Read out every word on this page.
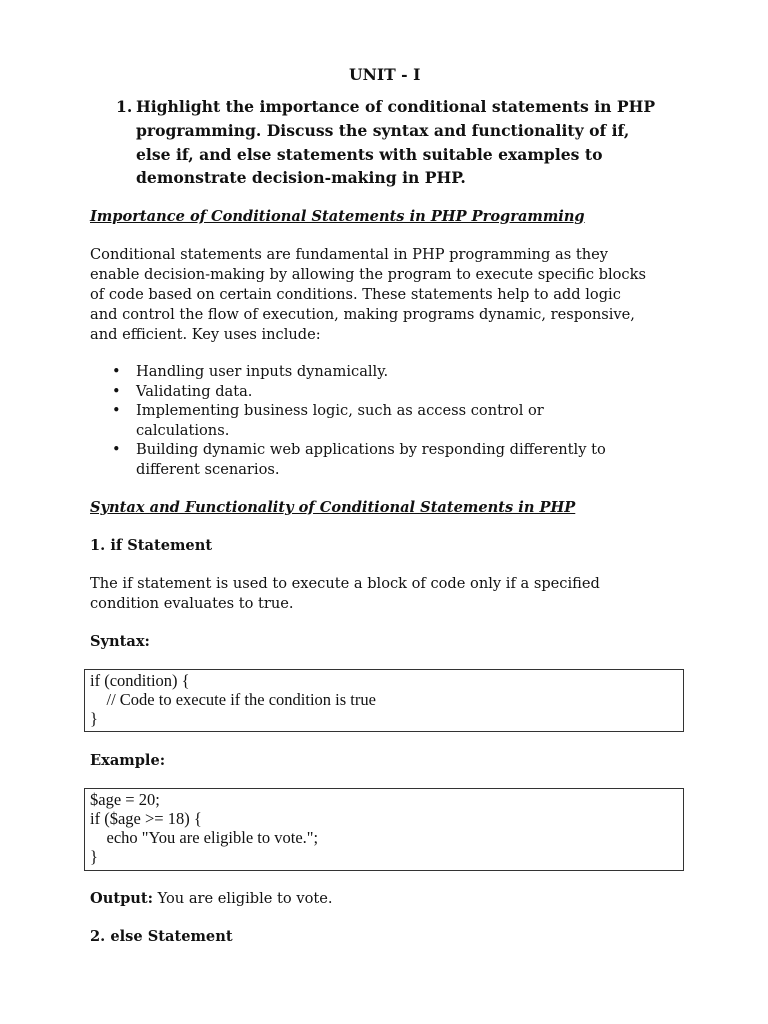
UNIT - I
1. Highlight the importance of conditional statements in PHP
programming. Discuss the syntax and functionality of if,
else if, and else statements with suitable examples to
demonstrate decision-making in PHP.
Importance of Conditional Statements in PHP Programming
Conditional statements are fundamental in PHP programming as they
enable decision-making by allowing the program to execute specific blocks
of code based on certain conditions. These statements help to add logic
and control the flow of execution, making programs dynamic, responsive,
and efficient. Key uses include:
• Handling user inputs dynamically.
• Validating data.
• Implementing business logic, such as access control or
calculations.
• Building dynamic web applications by responding differently to
different scenarios.
Syntax and Functionality of Conditional Statements in PHP
1. if Statement
The if statement is used to execute a block of code only if a specified
condition evaluates to true.
Syntax:
if (condition) {
// Code to execute if the condition is true
}
Example:
$age = 20;
if ($age >= 18) {
echo "You are eligible to vote.";
}
Output: You are eligible to vote.
2. else Statement
